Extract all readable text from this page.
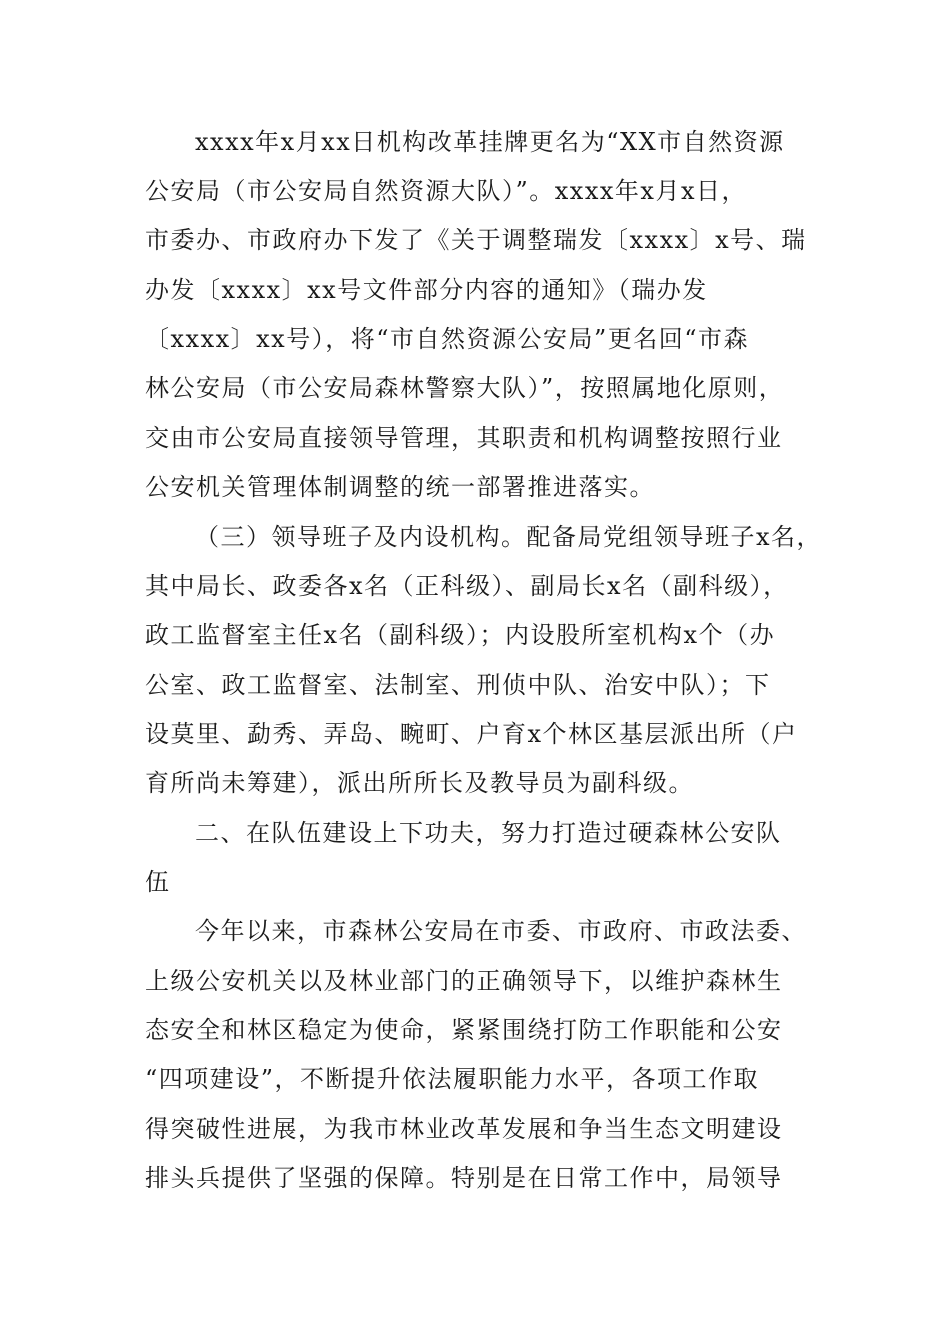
xxxx年x月xx日机构改革挂牌更名为“XX市自然资源
公安局（市公安局自然资源大队）”。xxxx年x月x日，
市委办、市政府办下发了《关于调整瑞发〔xxxx〕x号、瑞
办发〔xxxx〕xx号文件部分内容的通知》（瑞办发
〔xxxx〕xx号），将“市自然资源公安局”更名回“市森
林公安局（市公安局森林警察大队）”，按照属地化原则，
交由市公安局直接领导管理，其职责和机构调整按照行业
公安机关管理体制调整的统一部署推进落实。
（三）领导班子及内设机构。配备局党组领导班子x名，
其中局长、政委各x名（正科级）、副局长x名（副科级），
政工监督室主任x名（副科级）；内设股所室机构x个（办
公室、政工监督室、法制室、刑侦中队、治安中队）；下
设莫里、勐秀、弄岛、畹町、户育x个林区基层派出所（户
育所尚未筹建），派出所所长及教导员为副科级。
二、在队伍建设上下功夫，努力打造过硬森林公安队
伍
今年以来，市森林公安局在市委、市政府、市政法委、
上级公安机关以及林业部门的正确领导下，以维护森林生
态安全和林区稳定为使命，紧紧围绕打防工作职能和公安
“四项建设”，不断提升依法履职能力水平，各项工作取
得突破性进展，为我市林业改革发展和争当生态文明建设
排头兵提供了坚强的保障。特别是在日常工作中，局领导
